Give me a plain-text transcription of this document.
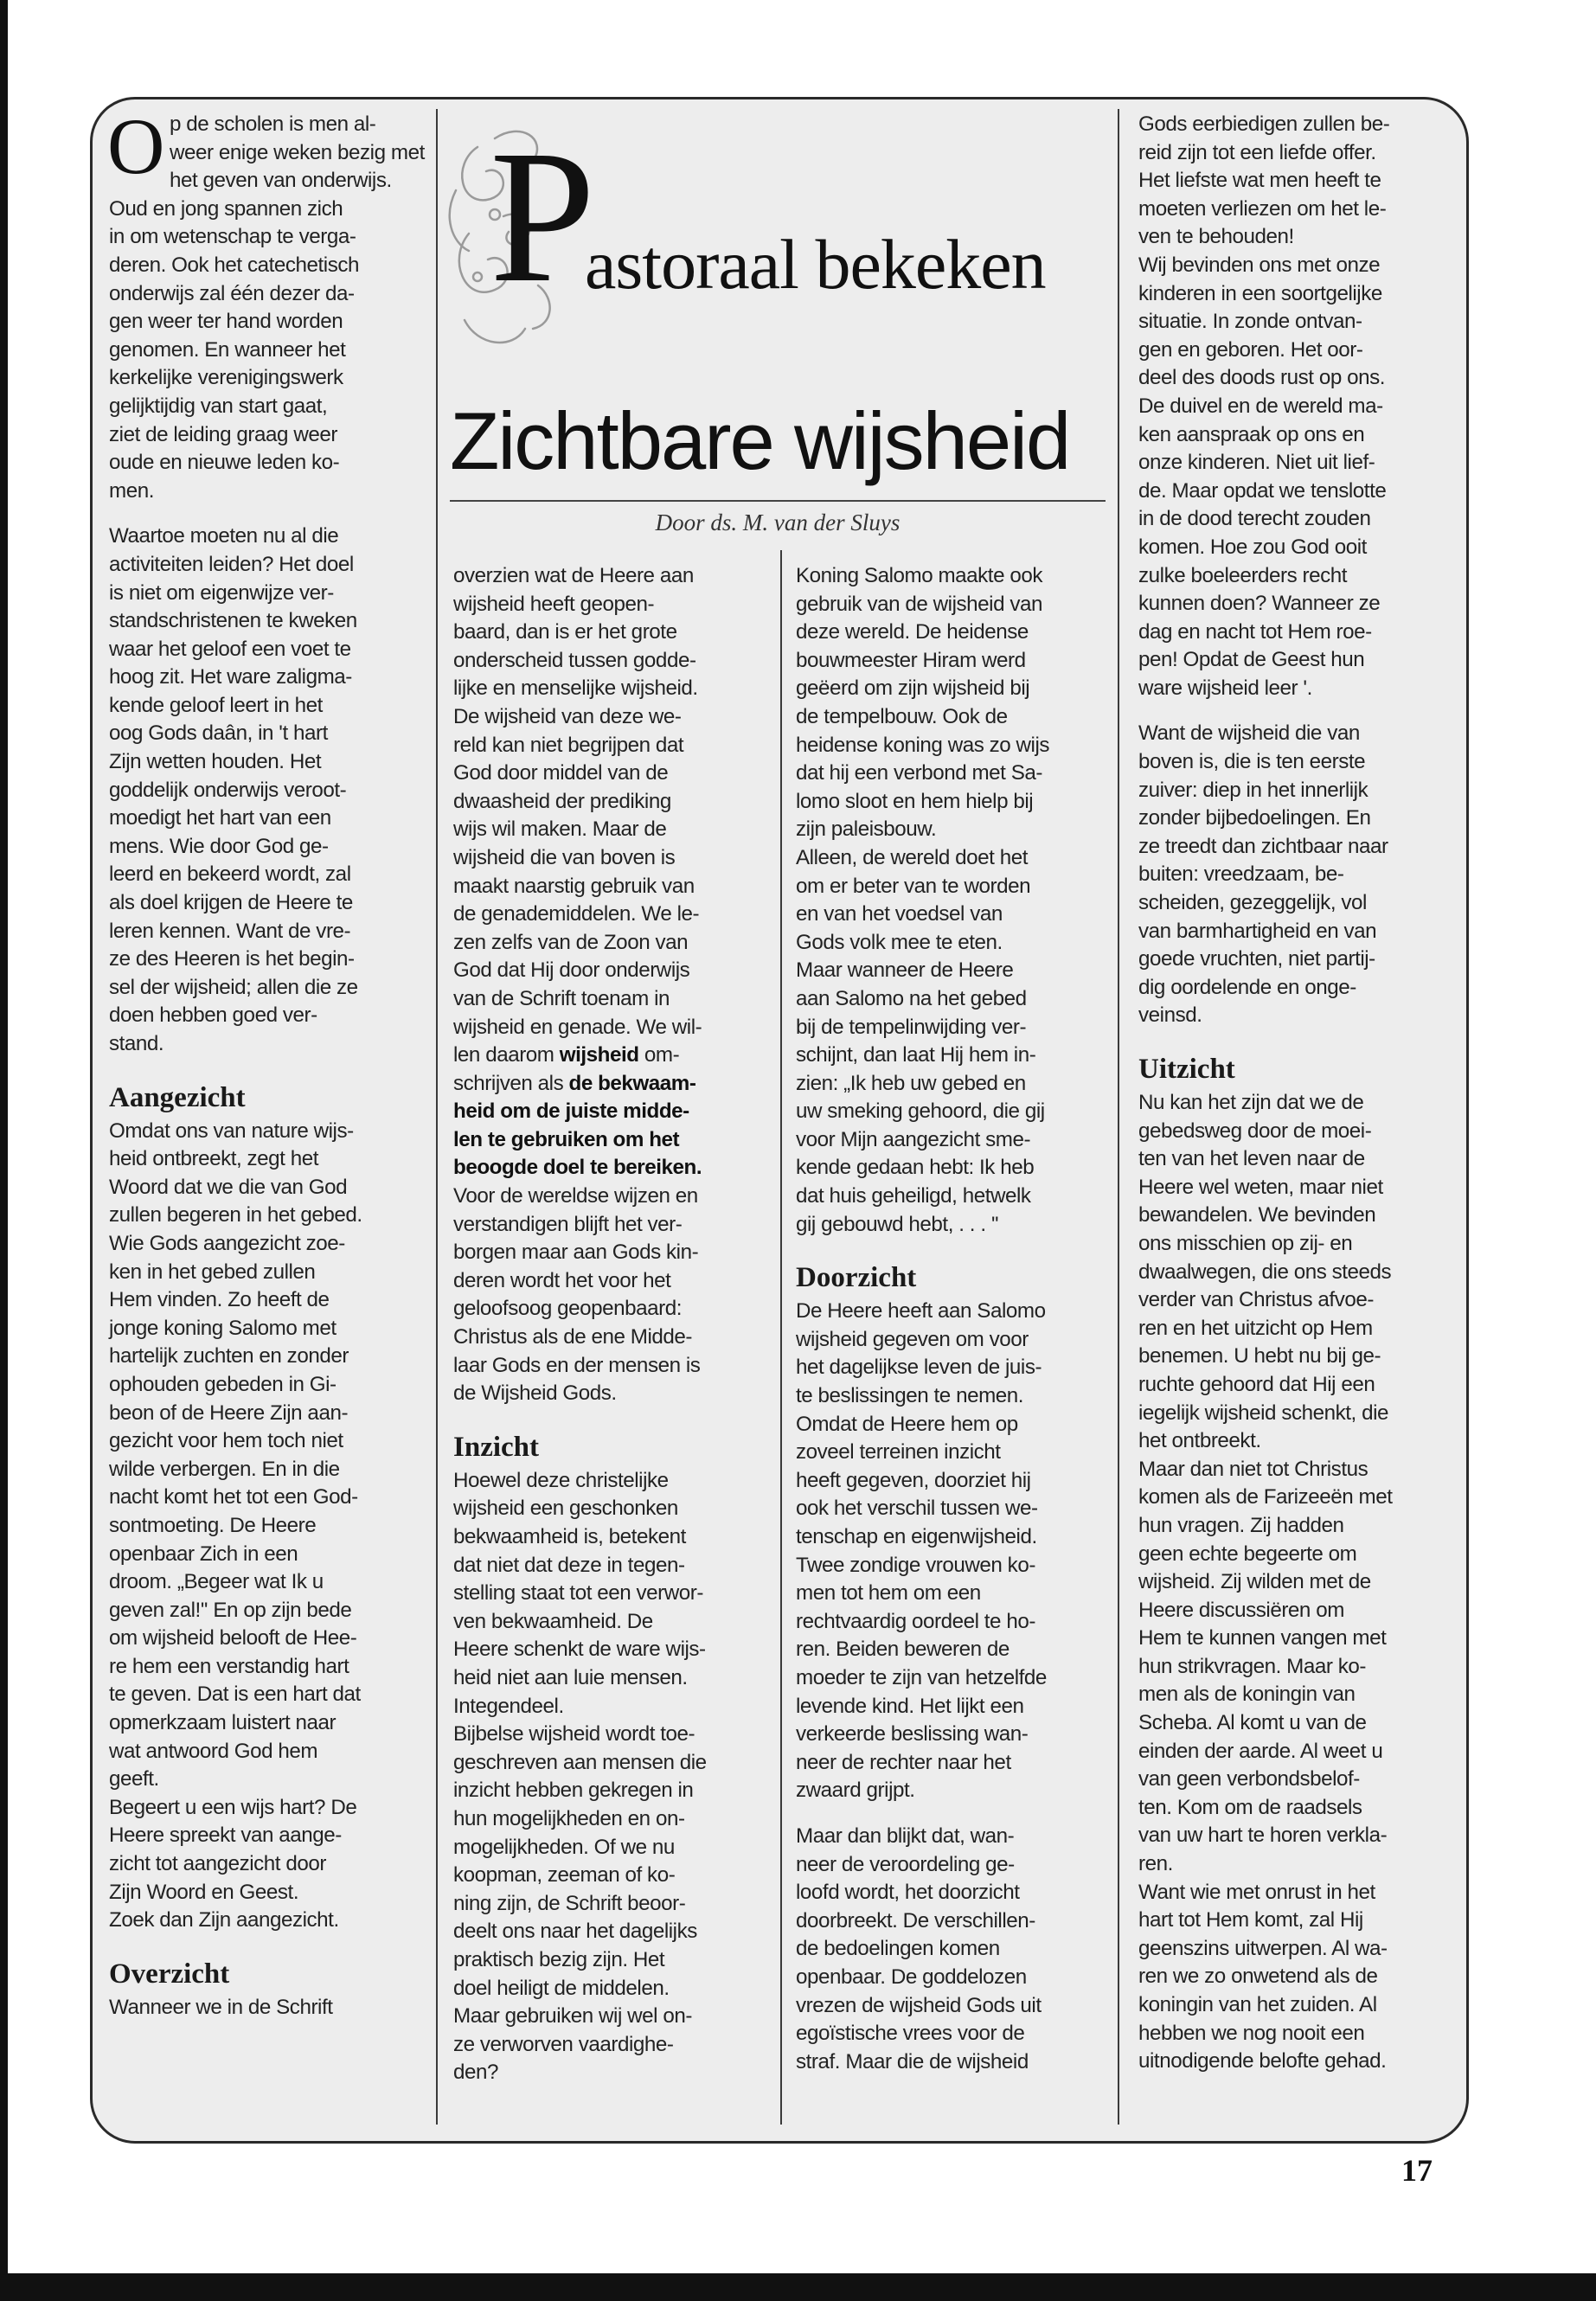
P
astoraal bekeken
Zichtbare wijsheid
Door ds. M. van der Sluys

Op de scholen is men al-
weer enige weken bezig met
het geven van onderwijs.
Oud en jong spannen zich
in om wetenschap te verga-
deren. Ook het catechetisch
onderwijs zal één dezer da-
gen weer ter hand worden
genomen. En wanneer het
kerkelijke verenigingswerk
gelijktijdig van start gaat,
ziet de leiding graag weer
oude en nieuwe leden ko-
men.

Waartoe moeten nu al die
activiteiten leiden? Het doel
is niet om eigenwijze ver-
standschristenen te kweken
waar het geloof een voet te
hoog zit. Het ware zaligma-
kende geloof leert in het
oog Gods daân, in 't hart
Zijn wetten houden. Het
goddelijk onderwijs veroot-
moedigt het hart van een
mens. Wie door God ge-
leerd en bekeerd wordt, zal
als doel krijgen de Heere te
leren kennen. Want de vre-
ze des Heeren is het begin-
sel der wijsheid; allen die ze
doen hebben goed ver-
stand.

Aangezicht

Omdat ons van nature wijs-
heid ontbreekt, zegt het
Woord dat we die van God
zullen begeren in het gebed.
Wie Gods aangezicht zoe-
ken in het gebed zullen
Hem vinden. Zo heeft de
jonge koning Salomo met
hartelijk zuchten en zonder
ophouden gebeden in Gi-
beon of de Heere Zijn aan-
gezicht voor hem toch niet
wilde verbergen. En in die
nacht komt het tot een God-
sontmoeting. De Heere
openbaar Zich in een
droom. „Begeer wat Ik u
geven zal!'' En op zijn bede
om wijsheid belooft de Hee-
re hem een verstandig hart
te geven. Dat is een hart dat
opmerkzaam luistert naar
wat antwoord God hem
geeft.

Begeert u een wijs hart? De
Heere spreekt van aange-
zicht tot aangezicht door
Zijn Woord en Geest.
Zoek dan Zijn aangezicht.

Overzicht

Wanneer we in de Schrift

overzien wat de Heere aan
wijsheid heeft geopen-
baard, dan is er het grote
onderscheid tussen godde-
lijke en menselijke wijsheid.
De wijsheid van deze we-
reld kan niet begrijpen dat
God door middel van de
dwaasheid der prediking
wijs wil maken. Maar de
wijsheid die van boven is
maakt naarstig gebruik van
de genademiddelen. We le-
zen zelfs van de Zoon van
God dat Hij door onderwijs
van de Schrift toenam in
wijsheid en genade. We wil-
len daarom wijsheid om-
schrijven als de bekwaam-
heid om de juiste midde-
len te gebruiken om het
beoogde doel te bereiken.
Voor de wereldse wijzen en
verstandigen blijft het ver-
borgen maar aan Gods kin-
deren wordt het voor het
geloofsoog geopenbaard:
Christus als de ene Midde-
laar Gods en der mensen is
de Wijsheid Gods.

Inzicht

Hoewel deze christelijke
wijsheid een geschonken
bekwaamheid is, betekent
dat niet dat deze in tegen-
stelling staat tot een verwor-
ven bekwaamheid. De
Heere schenkt de ware wijs-
heid niet aan luie mensen.
Integendeel.

Bijbelse wijsheid wordt toe-
geschreven aan mensen die
inzicht hebben gekregen in
hun mogelijkheden en on-
mogelijkheden. Of we nu
koopman, zeeman of ko-
ning zijn, de Schrift beoor-
deelt ons naar het dagelijks
praktisch bezig zijn. Het
doel heiligt de middelen.
Maar gebruiken wij wel on-
ze verworven vaardighe-
den?

Koning Salomo maakte ook
gebruik van de wijsheid van
deze wereld. De heidense
bouwmeester Hiram werd
geëerd om zijn wijsheid bij
de tempelbouw. Ook de
heidense koning was zo wijs
dat hij een verbond met Sa-
lomo sloot en hem hielp bij
zijn paleisbouw.

Alleen, de wereld doet het
om er beter van te worden
en van het voedsel van
Gods volk mee te eten.

Maar wanneer de Heere
aan Salomo na het gebed
bij de tempelinwijding ver-
schijnt, dan laat Hij hem in-
zien: „Ik heb uw gebed en
uw smeking gehoord, die gij
voor Mijn aangezicht sme-
kende gedaan hebt: Ik heb
dat huis geheiligd, hetwelk
gij gebouwd hebt, . . . ''

Doorzicht

De Heere heeft aan Salomo
wijsheid gegeven om voor
het dagelijkse leven de juis-
te beslissingen te nemen.
Omdat de Heere hem op
zoveel terreinen inzicht
heeft gegeven, doorziet hij
ook het verschil tussen we-
tenschap en eigenwijsheid.
Twee zondige vrouwen ko-
men tot hem om een
rechtvaardig oordeel te ho-
ren. Beiden beweren de
moeder te zijn van hetzelfde
levende kind. Het lijkt een
verkeerde beslissing wan-
neer de rechter naar het
zwaard grijpt.

Maar dan blijkt dat, wan-
neer de veroordeling ge-
loofd wordt, het doorzicht
doorbreekt. De verschillen-
de bedoelingen komen
openbaar. De goddelozen
vrezen de wijsheid Gods uit
egoïstische vrees voor de
straf. Maar die de wijsheid

Gods eerbiedigen zullen be-
reid zijn tot een liefde offer.
Het liefste wat men heeft te
moeten verliezen om het le-
ven te behouden!

Wij bevinden ons met onze
kinderen in een soortgelijke
situatie. In zonde ontvan-
gen en geboren. Het oor-
deel des doods rust op ons.
De duivel en de wereld ma-
ken aanspraak op ons en
onze kinderen. Niet uit lief-
de. Maar opdat we tenslotte
in de dood terecht zouden
komen. Hoe zou God ooit
zulke boeleerders recht
kunnen doen? Wanneer ze
dag en nacht tot Hem roe-
pen! Opdat de Geest hun
ware wijsheid leer '.

Want de wijsheid die van
boven is, die is ten eerste
zuiver: diep in het innerlijk
zonder bijbedoelingen. En
ze treedt dan zichtbaar naar
buiten: vreedzaam, be-
scheiden, gezeggelijk, vol
van barmhartigheid en van
goede vruchten, niet partij-
dig oordelende en onge-
veinsd.

Uitzicht

Nu kan het zijn dat we de
gebedsweg door de moei-
ten van het leven naar de
Heere wel weten, maar niet
bewandelen. We bevinden
ons misschien op zij- en
dwaalwegen, die ons steeds
verder van Christus afvoe-
ren en het uitzicht op Hem
benemen. U hebt nu bij ge-
ruchte gehoord dat Hij een
iegelijk wijsheid schenkt, die
het ontbreekt.

Maar dan niet tot Christus
komen als de Farizeeën met
hun vragen. Zij hadden
geen echte begeerte om
wijsheid. Zij wilden met de
Heere discussiëren om
Hem te kunnen vangen met
hun strikvragen. Maar ko-
men als de koningin van
Scheba. Al komt u van de
einden der aarde. Al weet u
van geen verbondsbelof-
ten. Kom om de raadsels
van uw hart te horen verkla-
ren.

Want wie met onrust in het
hart tot Hem komt, zal Hij
geenszins uitwerpen. Al wa-
ren we zo onwetend als de
koningin van het zuiden. Al
hebben we nog nooit een
uitnodigende belofte gehad.

17
